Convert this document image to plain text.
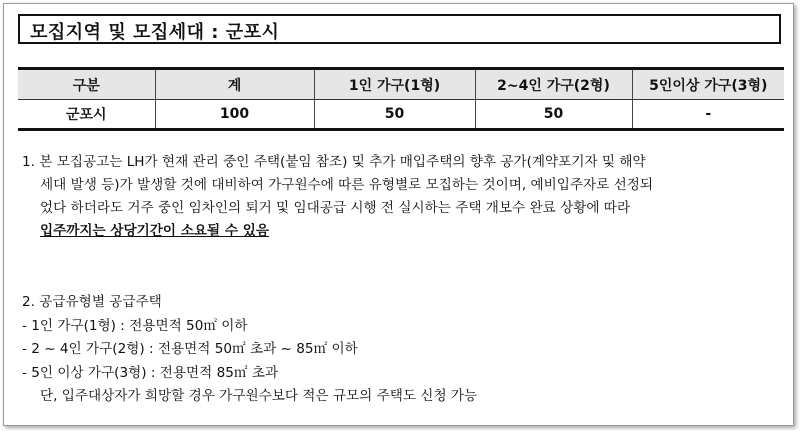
모집지역 및 모집세대 : 군포시
구분	계	1인 가구(1형)	2~4인 가구(2형)	5인이상 가구(3형)
군포시	100	50	50	-
1. 본 모집공고는 LH가 현재 관리 중인 주택(붙임 참조) 및 추가 매입주택의 향후 공가(계약포기자 및 해약
세대 발생 등)가 발생할 것에 대비하여 가구원수에 따른 유형별로 모집하는 것이며, 예비입주자로 선정되
었다 하더라도 거주 중인 임차인의 퇴거 및 임대공급 시행 전 실시하는 주택 개보수 완료 상황에 따라
입주까지는 상당기간이 소요될 수 있음
2. 공급유형별 공급주택
- 1인 가구(1형) : 전용면적 50㎡ 이하
- 2 ~ 4인 가구(2형) : 전용면적 50㎡ 초과 ~ 85㎡ 이하
- 5인 이상 가구(3형) : 전용면적 85㎡ 초과
단, 입주대상자가 희망할 경우 가구원수보다 적은 규모의 주택도 신청 가능
